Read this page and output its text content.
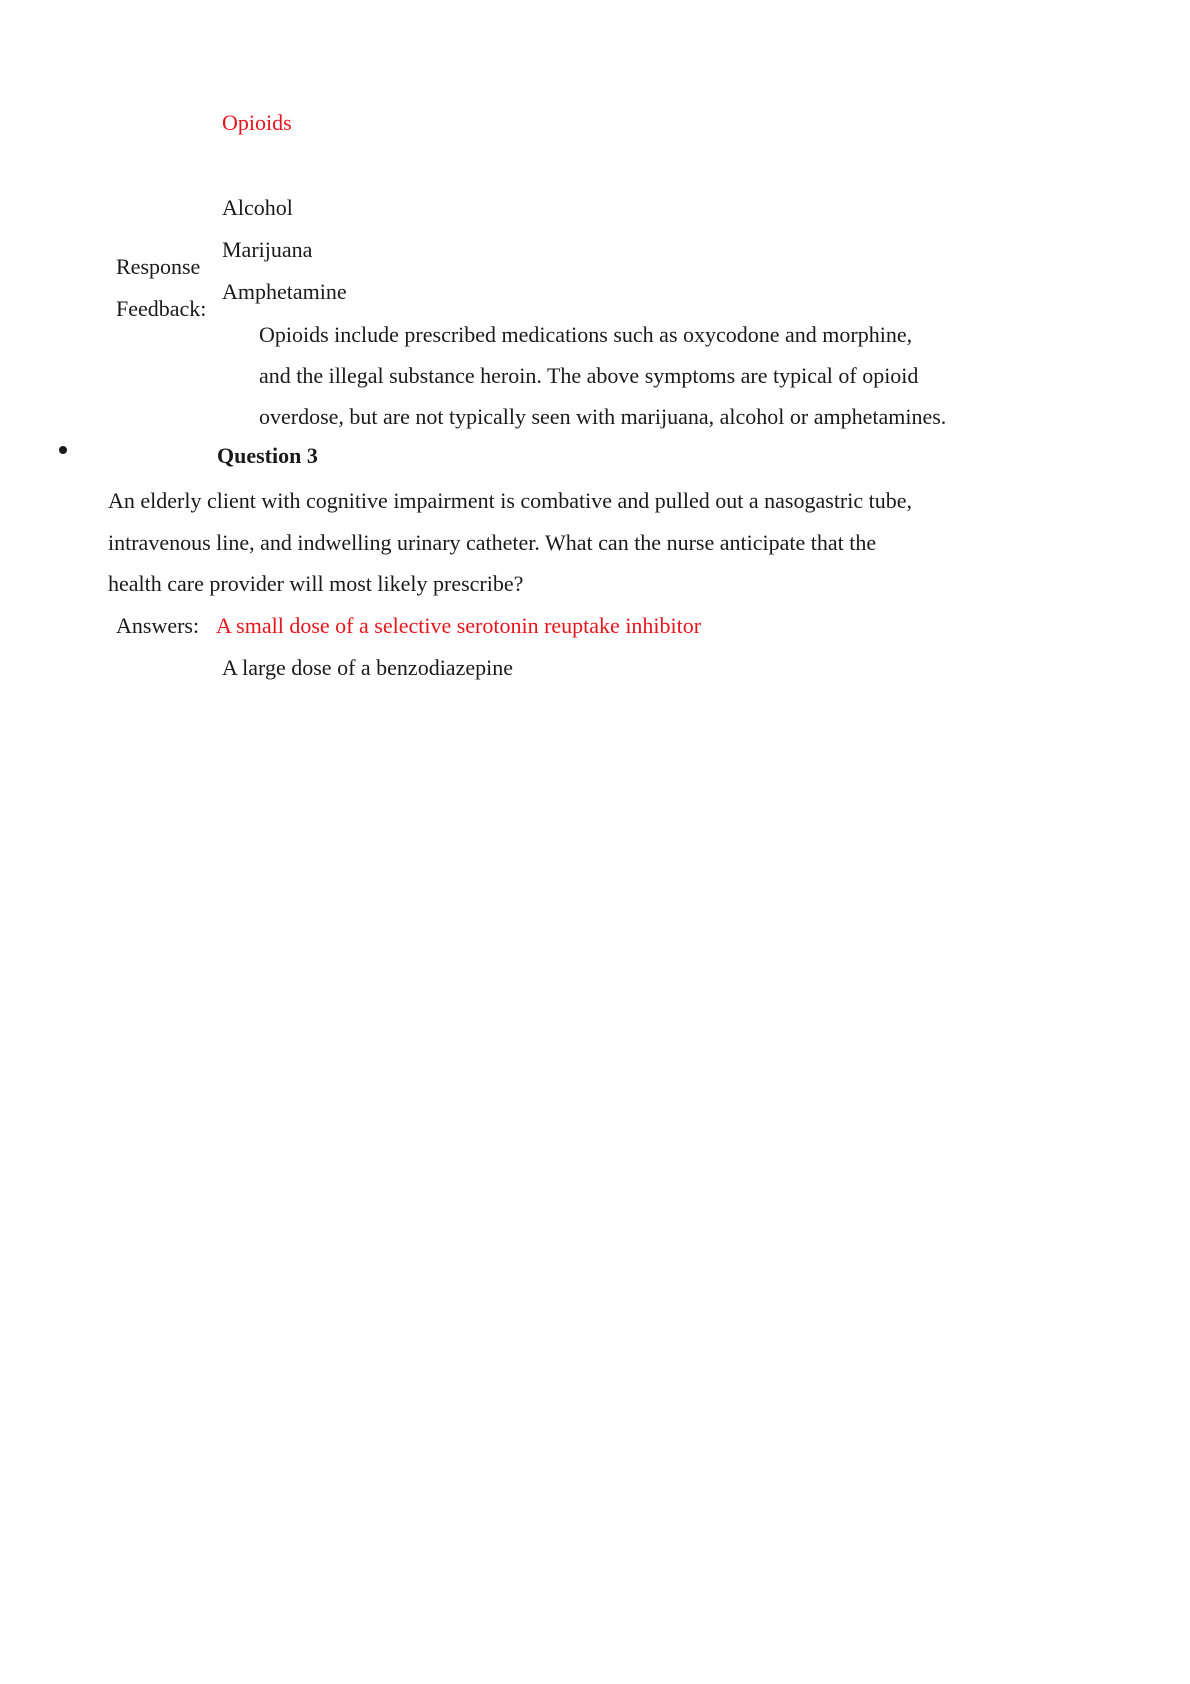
Opioids
Alcohol
Marijuana
Amphetamine
Response
Feedback:
Opioids include prescribed medications such as oxycodone and morphine,
and the illegal substance heroin. The above symptoms are typical of opioid
overdose, but are not typically seen with marijuana, alcohol or amphetamines.
Question 3
An elderly client with cognitive impairment is combative and pulled out a nasogastric tube,
intravenous line, and indwelling urinary catheter. What can the nurse anticipate that the
health care provider will most likely prescribe?
Answers: A small dose of a selective serotonin reuptake inhibitor
A large dose of a benzodiazepine
